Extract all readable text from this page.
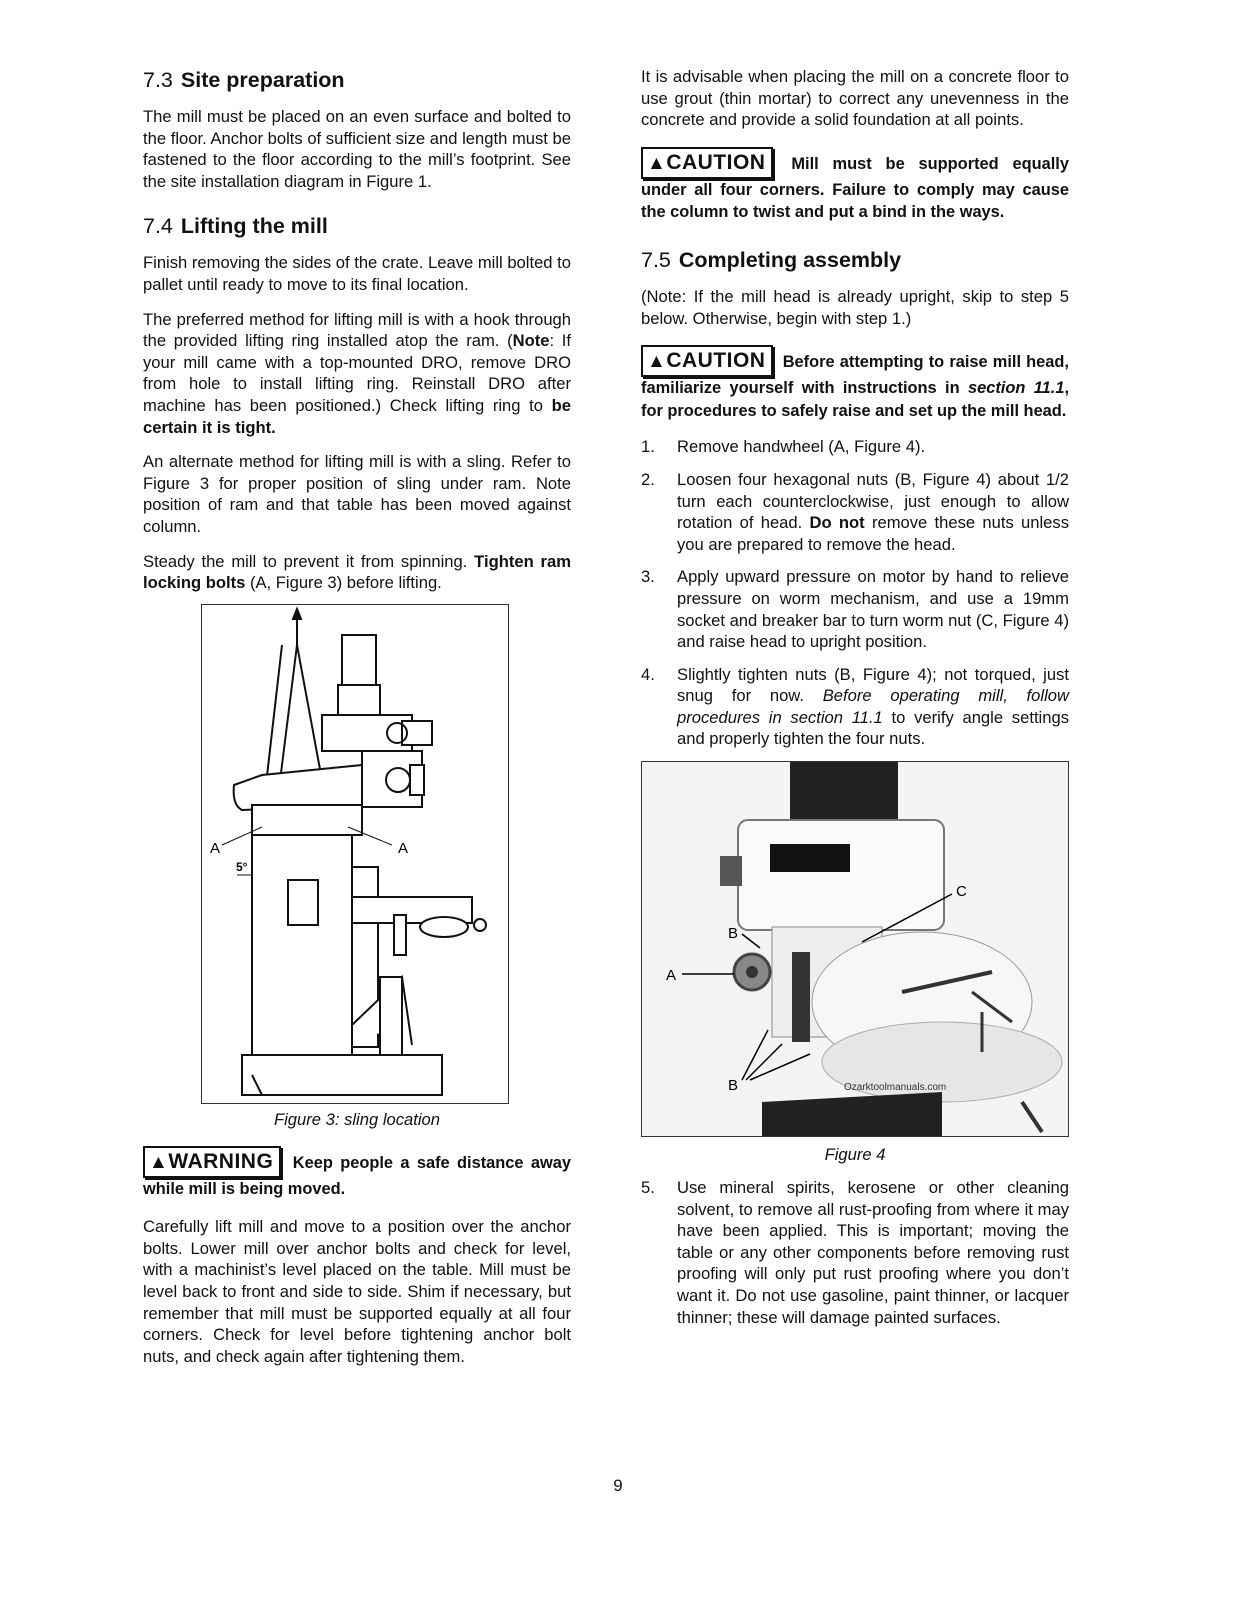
7.3 Site preparation

The mill must be placed on an even surface and bolted to the floor. Anchor bolts of sufficient size and length must be fastened to the floor according to the mill’s footprint. See the site installation diagram in Figure 1.

7.4 Lifting the mill

Finish removing the sides of the crate. Leave mill bolted to pallet until ready to move to its final location.

The preferred method for lifting mill is with a hook through the provided lifting ring installed atop the ram. (Note: If your mill came with a top-mounted DRO, remove DRO from hole to install lifting ring. Reinstall DRO after machine has been positioned.) Check lifting ring to be certain it is tight.

An alternate method for lifting mill is with a sling. Refer to Figure 3 for proper position of sling under ram. Note position of ram and that table has been moved against column.

Steady the mill to prevent it from spinning. Tighten ram locking bolts (A, Figure 3) before lifting.

A	A
5°
Figure 3: sling location

▲WARNING Keep people a safe distance away while mill is being moved.

Carefully lift mill and move to a position over the anchor bolts. Lower mill over anchor bolts and check for level, with a machinist’s level placed on the table. Mill must be level back to front and side to side. Shim if necessary, but remember that mill must be supported equally at all four corners. Check for level before tightening anchor bolt nuts, and check again after tightening them.

It is advisable when placing the mill on a concrete floor to use grout (thin mortar) to correct any unevenness in the concrete and provide a solid foundation at all points.

▲CAUTION Mill must be supported equally under all four corners. Failure to comply may cause the column to twist and put a bind in the ways.

7.5 Completing assembly

(Note: If the mill head is already upright, skip to step 5 below. Otherwise, begin with step 1.)

▲CAUTION Before attempting to raise mill head, familiarize yourself with instructions in section 11.1, for procedures to safely raise and set up the mill head.

1. Remove handwheel (A, Figure 4).
2. Loosen four hexagonal nuts (B, Figure 4) about 1/2 turn each counterclockwise, just enough to allow rotation of head. Do not remove these nuts unless you are prepared to remove the head.
3. Apply upward pressure on motor by hand to relieve pressure on worm mechanism, and use a 19mm socket and breaker bar to turn worm nut (C, Figure 4) and raise head to upright position.
4. Slightly tighten nuts (B, Figure 4); not torqued, just snug for now. Before operating mill, follow procedures in section 11.1 to verify angle settings and properly tighten the four nuts.
A
B
C
B	Ozarktoolmanuals.com
Figure 4
5. Use mineral spirits, kerosene or other cleaning solvent, to remove all rust-proofing from where it may have been applied. This is important; moving the table or any other components before removing rust proofing will only put rust proofing where you don’t want it. Do not use gasoline, paint thinner, or lacquer thinner; these will damage painted surfaces.
9
